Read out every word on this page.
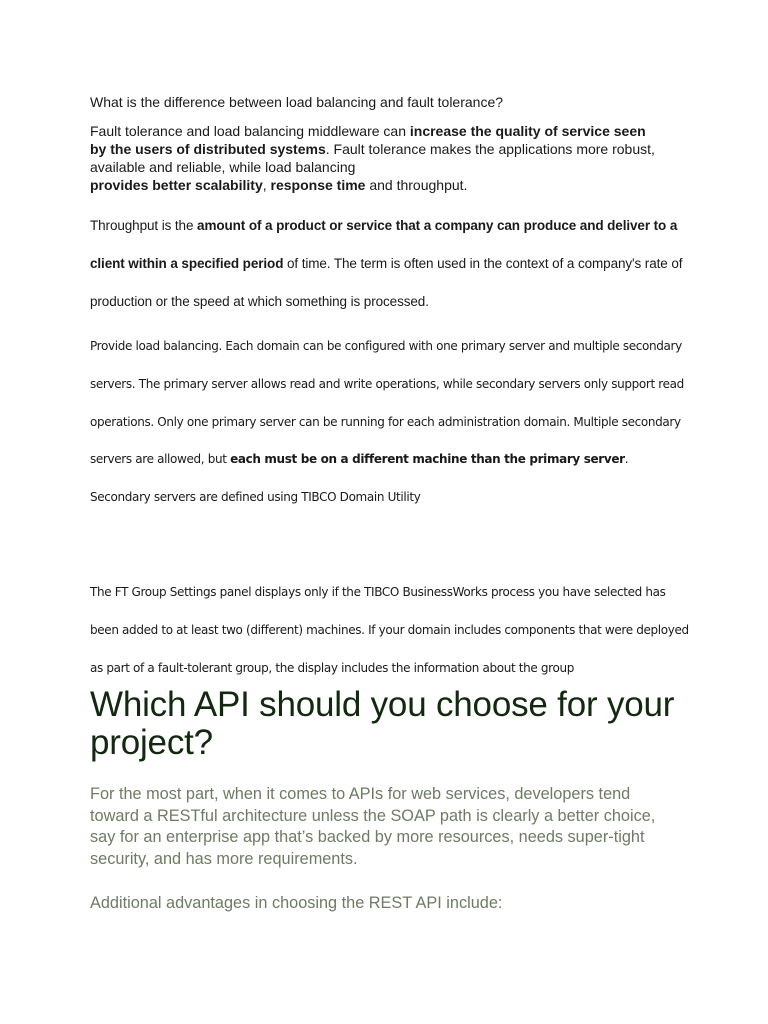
What is the difference between load balancing and fault tolerance?
Fault tolerance and load balancing middleware can increase the quality of service seen by the users of distributed systems. Fault tolerance makes the applications more robust, available and reliable, while load balancing
provides better scalability, response time and throughput.
Throughput is the amount of a product or service that a company can produce and deliver to a client within a specified period of time. The term is often used in the context of a company's rate of production or the speed at which something is processed.
Provide load balancing. Each domain can be configured with one primary server and multiple secondary servers. The primary server allows read and write operations, while secondary servers only support read operations. Only one primary server can be running for each administration domain. Multiple secondary servers are allowed, but each must be on a different machine than the primary server. Secondary servers are defined using TIBCO Domain Utility
The FT Group Settings panel displays only if the TIBCO BusinessWorks process you have selected has been added to at least two (different) machines. If your domain includes components that were deployed as part of a fault-tolerant group, the display includes the information about the group
Which API should you choose for your project?
For the most part, when it comes to APIs for web services, developers tend toward a RESTful architecture unless the SOAP path is clearly a better choice, say for an enterprise app that’s backed by more resources, needs super-tight security, and has more requirements.
Additional advantages in choosing the REST API include:
